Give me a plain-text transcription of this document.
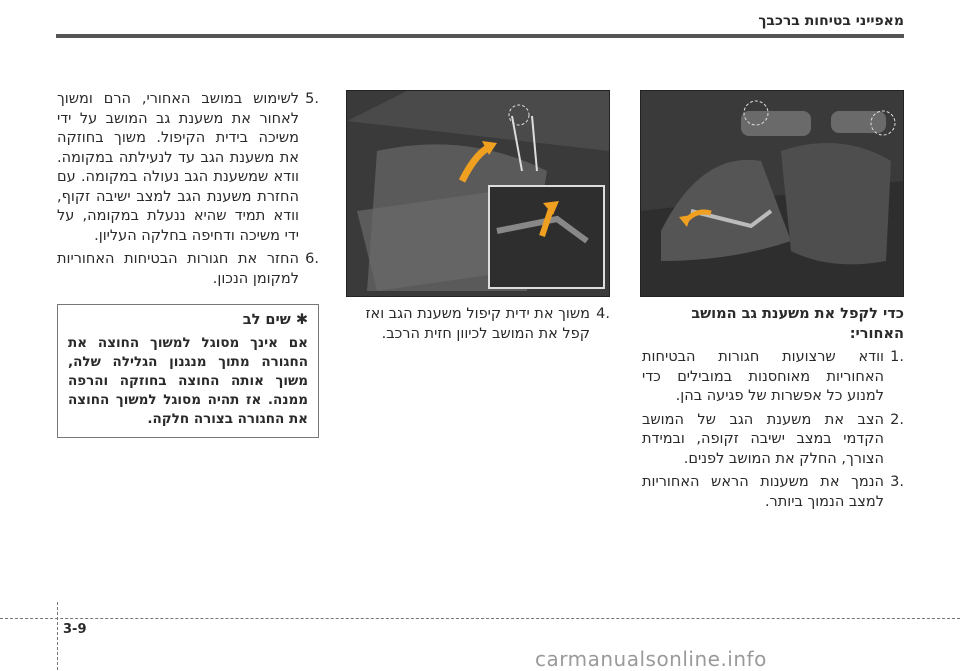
מאפייני בטיחות ברכבך
כדי לקפל את משענת גב המושב האחורי:
.1
וודא שרצועות חגורות הבטיחות האחוריות מאוחסנות במובילים כדי למנוע כל אפשרות של פגיעה בהן.
.2
הצב את משענת הגב של המושב הקדמי במצב ישיבה זקופה, ובמידת הצורך, החלק את המושב לפנים.
.3
הנמך את משענות הראש האחוריות למצב הנמוך ביותר.
.4
משוך את ידית קיפול משענת הגב ואז קפל את המושב לכיוון חזית הרכב.
.5
לשימוש במושב האחורי, הרם ומשוך לאחור את משענת גב המושב על ידי משיכה בידית הקיפול. משוך בחוזקה את משענת הגב עד לנעילתה במקומה. וודא שמשענת הגב נעולה במקומה. עם החזרת משענת הגב למצב ישיבה זקוף, וודא תמיד שהיא ננעלת במקומה, על ידי משיכה ודחיפה בחלקה העליון.
.6
החזר את חגורות הבטיחות האחוריות למקומן הנכון.
✱ שים לב
אם אינך מסוגל למשוך החוצה את החגורה מתוך מנגנון הגלילה שלה, משוך אותה החוצה בחוזקה והרפה ממנה. אז תהיה מסוגל למשוך החוצה את החגורה בצורה חלקה.
3-9
carmanualsonline.info
